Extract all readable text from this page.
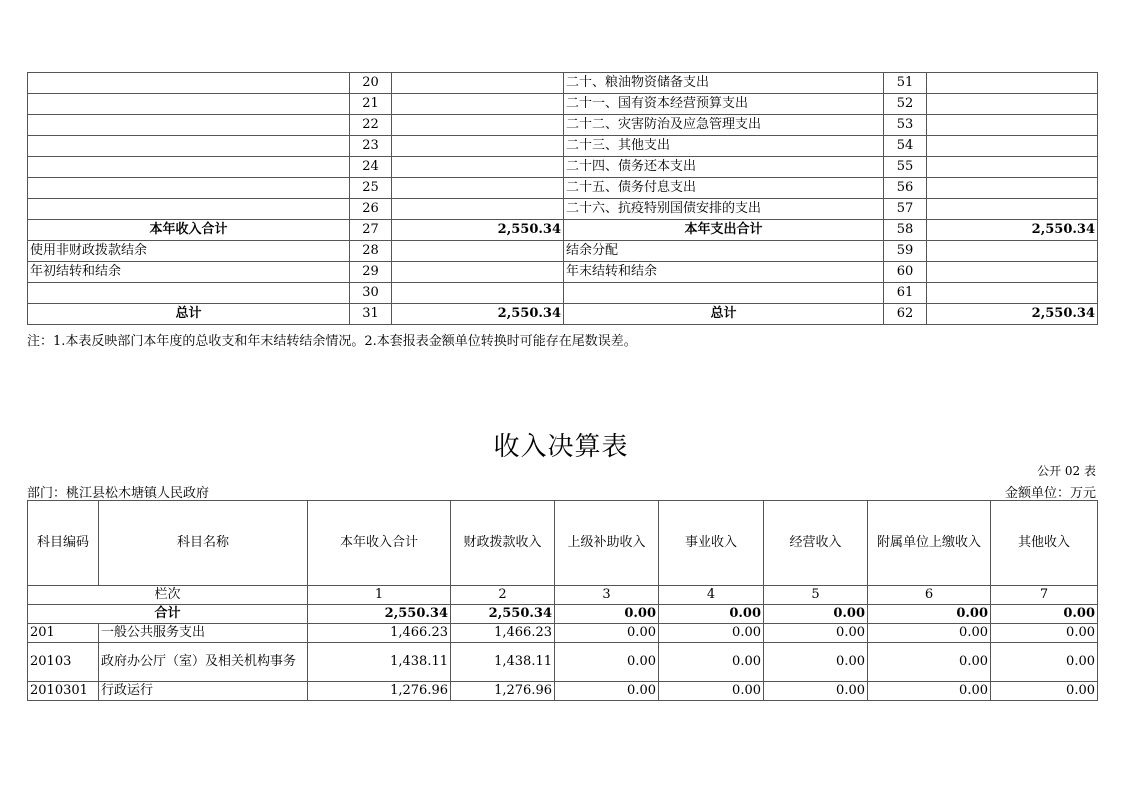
	20		二十、粮油物资储备支出	51	
	21		二十一、国有资本经营预算支出	52	
	22		二十二、灾害防治及应急管理支出	53	
	23		二十三、其他支出	54	
	24		二十四、债务还本支出	55	
	25		二十五、债务付息支出	56	
	26		二十六、抗疫特别国债安排的支出	57	
本年收入合计	27	2,550.34	本年支出合计	58	2,550.34
使用非财政拨款结余	28		结余分配	59	
年初结转和结余	29		年末结转和结余	60	
	30			61	
总计	31	2,550.34	总计	62	2,550.34
注：1.本表反映部门本年度的总收支和年末结转结余情况。2.本套报表金额单位转换时可能存在尾数误差。
收入决算表
公开 02 表
部门：桃江县松木塘镇人民政府	金额单位：万元
科目编码	科目名称	本年收入合计	财政拨款收入	上级补助收入	事业收入	经营收入	附属单位上缴收入	其他收入
栏次		1	2	3	4	5	6	7
合计		2,550.34	2,550.34	0.00	0.00	0.00	0.00	0.00
201	一般公共服务支出	1,466.23	1,466.23	0.00	0.00	0.00	0.00	0.00
20103	政府办公厅（室）及相关机构事务	1,438.11	1,438.11	0.00	0.00	0.00	0.00	0.00
2010301	行政运行	1,276.96	1,276.96	0.00	0.00	0.00	0.00	0.00
